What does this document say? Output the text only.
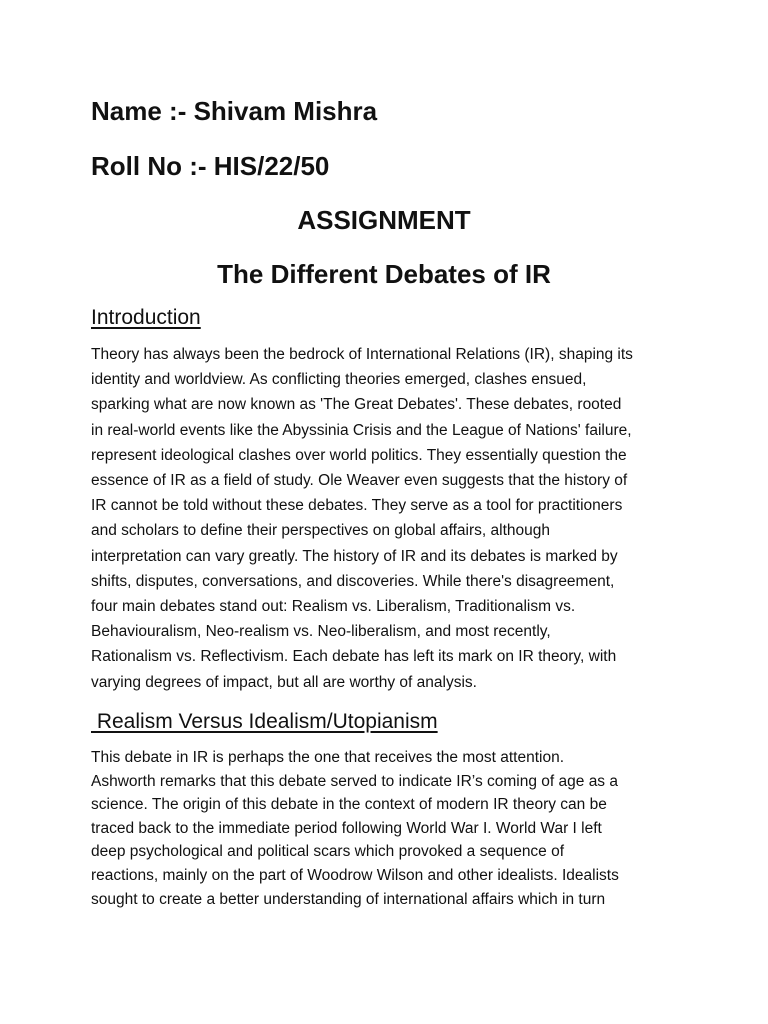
Name :- Shivam Mishra
Roll No :- HIS/22/50
ASSIGNMENT
The Different Debates of IR
Introduction
Theory has always been the bedrock of International Relations (IR), shaping its
identity and worldview. As conflicting theories emerged, clashes ensued,
sparking what are now known as 'The Great Debates'. These debates, rooted
in real-world events like the Abyssinia Crisis and the League of Nations' failure,
represent ideological clashes over world politics. They essentially question the
essence of IR as a field of study. Ole Weaver even suggests that the history of
IR cannot be told without these debates. They serve as a tool for practitioners
and scholars to define their perspectives on global affairs, although
interpretation can vary greatly. The history of IR and its debates is marked by
shifts, disputes, conversations, and discoveries. While there's disagreement,
four main debates stand out: Realism vs. Liberalism, Traditionalism vs.
Behaviouralism, Neo-realism vs. Neo-liberalism, and most recently,
Rationalism vs. Reflectivism. Each debate has left its mark on IR theory, with
varying degrees of impact, but all are worthy of analysis.
Realism Versus Idealism/Utopianism
This debate in IR is perhaps the one that receives the most attention.
Ashworth remarks that this debate served to indicate IR’s coming of age as a
science. The origin of this debate in the context of modern IR theory can be
traced back to the immediate period following World War I. World War I left
deep psychological and political scars which provoked a sequence of
reactions, mainly on the part of Woodrow Wilson and other idealists. Idealists
sought to create a better understanding of international affairs which in turn
